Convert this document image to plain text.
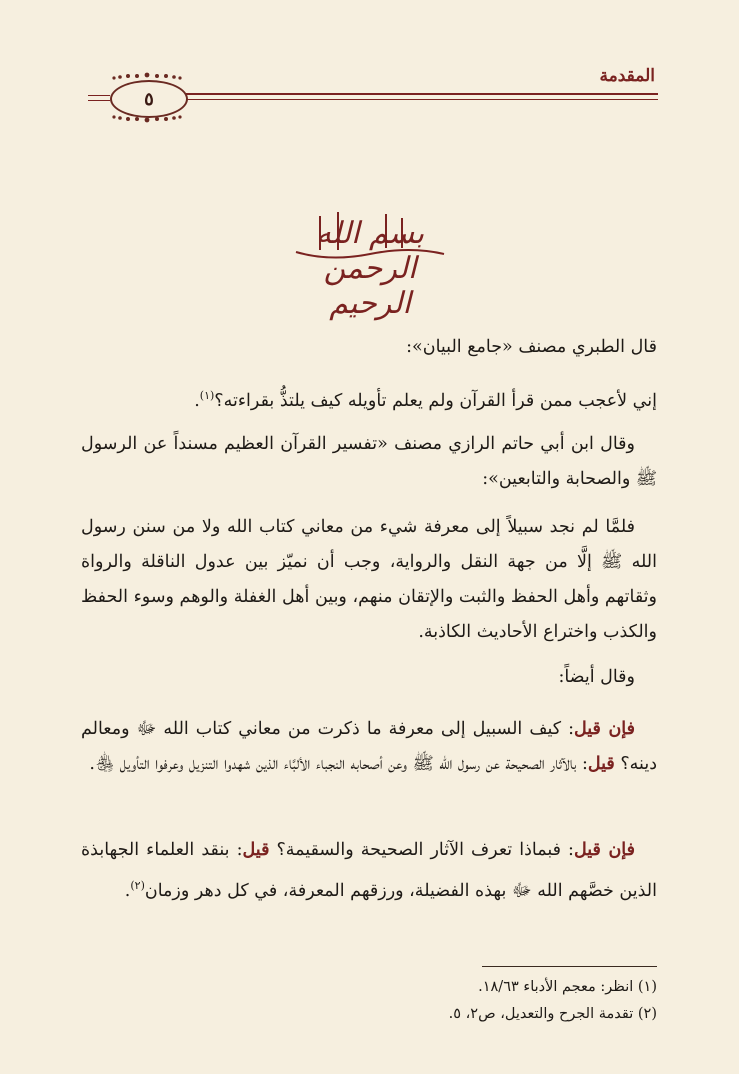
المقدمة
٥
بسم الله الرحمن الرحيم

قال الطبري مصنف «جامع البيان»:

إني لأعجب ممن قرأ القرآن ولم يعلم تأويله كيف يلتذُّ بقراءته؟$^{(١)}$.

وقال ابن أبي حاتم الرازي مصنف «تفسير القرآن العظيم مسنداً عن الرسول ﷺ والصحابة والتابعين»:

فلمَّا لم نجد سبيلاً إلى معرفة شيء من معاني كتاب الله ولا من سنن رسول الله ﷺ إلَّا من جهة النقل والرواية، وجب أن نميّز بين عدول الناقلة والرواة وثقاتهم وأهل الحفظ والثبت والإتقان منهم، وبين أهل الغفلة والوهم وسوء الحفظ والكذب واختراع الأحاديث الكاذبة.

وقال أيضاً:

فإن قيل: كيف السبيل إلى معرفة ما ذكرت من معاني كتاب الله ﷻ ومعالم دينه؟ قيل: بالآثار الصحيحة عن رسول الله ﷺ وعن أصحابه النجباء الألبَّاء الذين شهدوا التنزيل وعرفوا التأويل ﵃.

فإن قيل: فبماذا تعرف الآثار الصحيحة والسقيمة؟ قيل: بنقد العلماء الجهابذة الذين خصَّهم الله ﷻ بهذه الفضيلة، ورزقهم المعرفة، في كل دهر وزمان$^{(٢)}$.

(١) انظر: معجم الأدباء ١٨/٦٣.

(٢) تقدمة الجرح والتعديل، ص٢، ٥.
